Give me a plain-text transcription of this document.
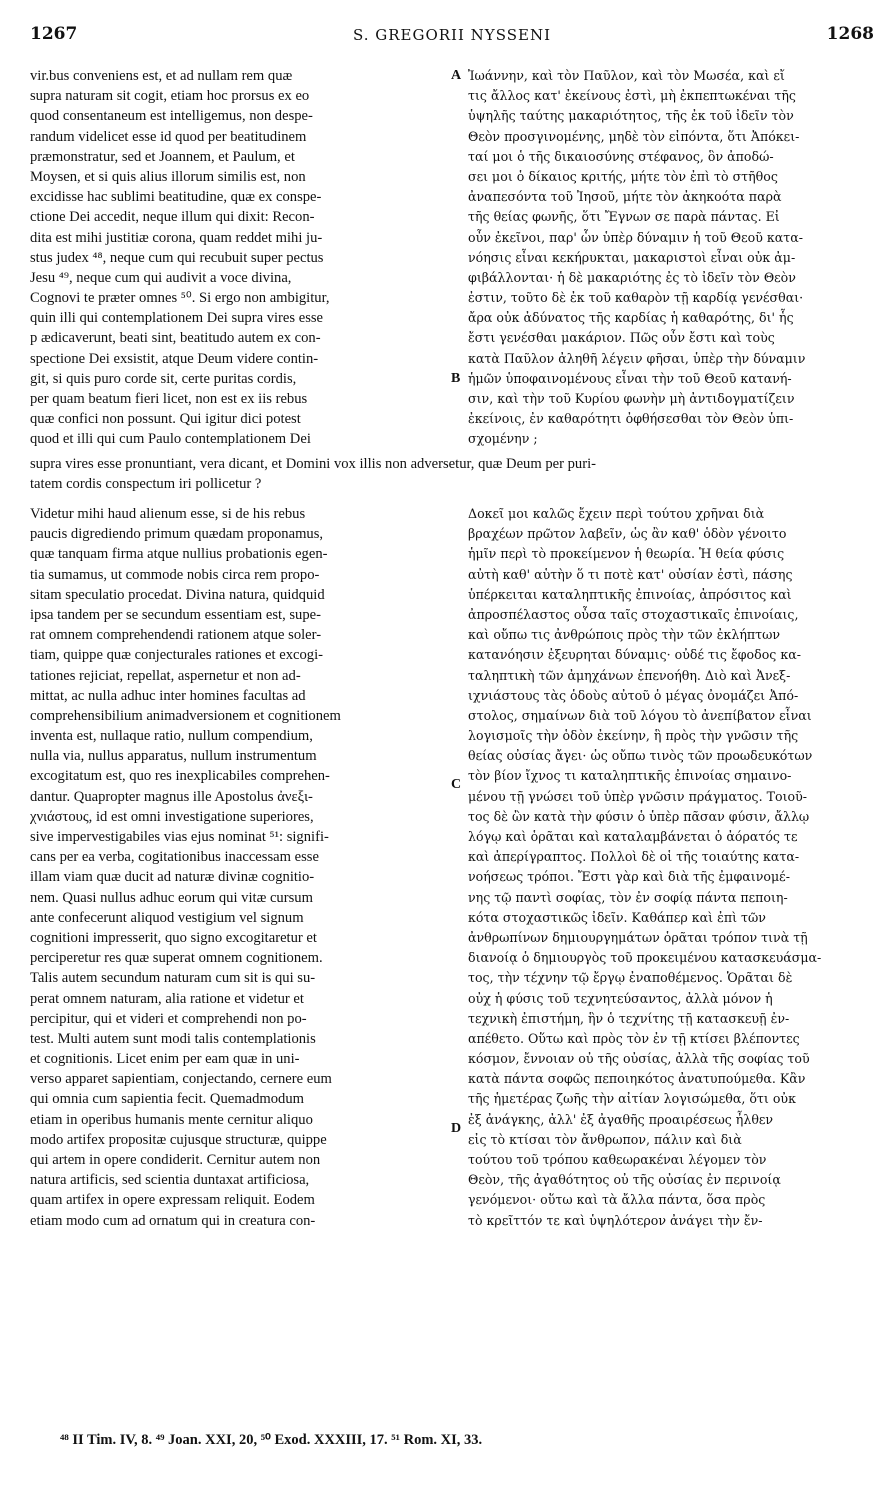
1267	S. GREGORII NYSSENI	1268
vir.bus conveniens est, et ad nullam rem quæ
supra naturam sit cogit, etiam hoc prorsus ex eo
quod consentaneum est intelligemus, non despe-
randum videlicet esse id quod per beatitudinem
præmonstratur, sed et Joannem, et Paulum, et
Moysen, et si quis alius illorum similis est, non
excidisse hac sublimi beatitudine, quæ ex conspe-
ctione Dei accedit, neque illum qui dixit: Recon-
dita est mihi justitiæ corona, quam reddet mihi ju-
stus judex ⁴⁸, neque cum qui recubuit super pectus
Jesu ⁴⁹, neque cum qui audivit a voce divina,
Cognovi te præter omnes ⁵⁰. Si ergo non ambigitur,
quin illi qui contemplationem Dei supra vires esse
p ædicaverunt, beati sint, beatitudo autem ex con-
spectione Dei exsistit, atque Deum videre contin-
git, si quis puro corde sit, certe puritas cordis,
per quam beatum fieri licet, non est ex iis rebus
quæ confici non possunt. Qui igitur dici potest
quod et illi qui cum Paulo contemplationem Dei
Ἰωάννην, καὶ τὸν Παῦλον, καὶ τὸν Μωσέα, καὶ εἴ
τις ἄλλος κατ' ἐκείνους ἐστὶ, μὴ ἐκπεπτωκέναι τῆς
ὑψηλῆς ταύτης μακαριότητος, τῆς ἐκ τοῦ ἰδεῖν τὸν
Θεὸν προσγινομένης, μηδὲ τὸν εἰπόντα, ὅτι Ἀπόκει-
ταί μοι ὁ τῆς δικαιοσύνης στέφανος, ὃν ἀποδώ-
σει μοι ὁ δίκαιος κριτής, μήτε τὸν ἐπὶ τὸ στῆθος
ἀναπεσόντα τοῦ Ἰησοῦ, μήτε τὸν ἀκηκοότα παρὰ
τῆς θείας φωνῆς, ὅτι Ἔγνων σε παρὰ πάντας. Εἰ
οὖν ἐκεῖνοι, παρ' ὧν ὑπὲρ δύναμιν ἡ τοῦ Θεοῦ κατα-
νόησις εἶναι κεκήρυκται, μακαριστοὶ εἶναι οὐκ ἀμ-
φιβάλλονται· ἡ δὲ μακαριότης ἐς τὸ ἰδεῖν τὸν Θεὸν
ἐστιν, τοῦτο δὲ ἐκ τοῦ καθαρὸν τῇ καρδίᾳ γενέσθαι·
ἄρα οὐκ ἀδύνατος τῆς καρδίας ἡ καθαρότης, δι' ἧς
ἔστι γενέσθαι μακάριον. Πῶς οὖν ἔστι καὶ τοὺς
κατὰ Παῦλον ἀληθῆ λέγειν φῆσαι, ὑπὲρ τὴν δύναμιν
ἡμῶν ὑποφαινομένους εἶναι τὴν τοῦ Θεοῦ κατανή-
σιν, καὶ τὴν τοῦ Κυρίου φωνὴν μὴ ἀντιδογματίζειν
ἐκείνοις, ἐν καθαρότητι ὀφθήσεσθαι τὸν Θεὸν ὑπι-
σχομένην ;
supra vires esse pronuntiant, vera dicant, et Domini vox illis non adversetur, quæ Deum per puri-
tatem cordis conspectum iri pollicetur ?
Videtur mihi haud alienum esse, si de his rebus
paucis digrediendo primum quædam proponamus,
quæ tanquam firma atque nullius probationis egen-
tia sumamus, ut commode nobis circa rem propo-
sitam speculatio procedat. Divina natura, quidquid
ipsa tandem per se secundum essentiam est, supe-
rat omnem comprehendendi rationem atque soler-
tiam, quippe quæ conjecturales rationes et excogi-
tationes rejiciat, repellat, aspernetur et non ad-
mittat, ac nulla adhuc inter homines facultas ad
comprehensibilium animadversionem et cognitionem
inventa est, nullaque ratio, nullum compendium,
nulla via, nullus apparatus, nullum instrumentum
excogitatum est, quo res inexplicabiles comprehen-
dantur. Quapropter magnus ille Apostolus ἀνεξι-
χνιάστους, id est omni investigatione superiores,
sive impervestigabiles vias ejus nominat ⁵¹: signifi-
cans per ea verba, cogitationibus inaccessam esse
illam viam quæ ducit ad naturæ divinæ cognitio-
nem. Quasi nullus adhuc eorum qui vitæ cursum
ante confecerunt aliquod vestigium vel signum
cognitioni impresserit, quo signo excogitaretur et
perciperetur res quæ superat omnem cognitionem.
Talis autem secundum naturam cum sit is qui su-
perat omnem naturam, alia ratione et videtur et
percipitur, qui et videri et comprehendi non po-
test. Multi autem sunt modi talis contemplationis
et cognitionis. Licet enim per eam quæ in uni-
verso apparet sapientiam, conjectando, cernere eum
qui omnia cum sapientia fecit. Quemadmodum
etiam in operibus humanis mente cernitur aliquo
modo artifex propositæ cujusque structuræ, quippe
qui artem in opere condiderit. Cernitur autem non
natura artificis, sed scientia duntaxat artificiosa,
quam artifex in opere expressam reliquit. Eodem
etiam modo cum ad ornatum qui in creatura con-
Δοκεῖ μοι καλῶς ἔχειν περὶ τούτου χρῆναι διὰ
βραχέων πρῶτον λαβεῖν, ὡς ἂν καθ' ὁδὸν γένοιτο
ἡμῖν περὶ τὸ προκείμενον ἡ θεωρία. Ἡ θεία φύσις
αὐτὴ καθ' αὑτὴν ὅ τι ποτὲ κατ' οὐσίαν ἐστὶ, πάσης
ὑπέρκειται καταληπτικῆς ἐπινοίας, ἀπρόσιτος καὶ
ἀπροσπέλαστος οὖσα ταῖς στοχαστικαῖς ἐπινοίαις,
καὶ οὔπω τις ἀνθρώποις πρὸς τὴν τῶν ἐκλήπτων
κατανόησιν ἐξευρηται δύναμις· οὐδέ τις ἔφοδος κα-
ταληπτικὴ τῶν ἀμηχάνων ἐπενοήθη. Διὸ καὶ Ἀνεξ-
ιχνιάστους τὰς ὁδοὺς αὐτοῦ ὁ μέγας ὀνομάζει Ἀπό-
στολος, σημαίνων διὰ τοῦ λόγου τὸ ἀνεπίβατον εἶναι
λογισμοῖς τὴν ὁδὸν ἐκείνην, ἣ πρὸς τὴν γνῶσιν τῆς
θείας οὐσίας ἄγει· ὡς οὔπω τινὸς τῶν προωδευκότων
τὸν βίον ἴχνος τι καταληπτικῆς ἐπινοίας σημαινο-
μένου τῇ γνώσει τοῦ ὑπὲρ γνῶσιν πράγματος. Τοιοῦ-
τος δὲ ὢν κατὰ τὴν φύσιν ὁ ὑπὲρ πᾶσαν φύσιν, ἄλλῳ
λόγῳ καὶ ὁρᾶται καὶ καταλαμβάνεται ὁ ἀόρατός τε
καὶ ἀπερίγραπτος. Πολλοὶ δὲ οἱ τῆς τοιαύτης κατα-
νοήσεως τρόποι. Ἔστι γὰρ καὶ διὰ τῆς ἐμφαινομέ-
νης τῷ παντὶ σοφίας, τὸν ἐν σοφίᾳ πάντα πεποιη-
κότα στοχαστικῶς ἰδεῖν. Καθάπερ καὶ ἐπὶ τῶν
ἀνθρωπίνων δημιουργημάτων ὁρᾶται τρόπον τινὰ τῇ
διανοίᾳ ὁ δημιουργὸς τοῦ προκειμένου κατασκευάσμα-
τος, τὴν τέχνην τῷ ἔργῳ ἐναποθέμενος. Ὁρᾶται δὲ
οὐχ ἡ φύσις τοῦ τεχνητεύσαντος, ἀλλὰ μόνον ἡ
τεχνικὴ ἐπιστήμη, ἣν ὁ τεχνίτης τῇ κατασκευῇ ἐν-
απέθετο. Οὕτω καὶ πρὸς τὸν ἐν τῇ κτίσει βλέποντες
κόσμον, ἔννοιαν οὐ τῆς οὐσίας, ἀλλὰ τῆς σοφίας τοῦ
κατὰ πάντα σοφῶς πεποιηκότος ἀνατυπούμεθα. Κἂν
τῆς ἡμετέρας ζωῆς τὴν αἰτίαν λογισώμεθα, ὅτι οὐκ
ἐξ ἀνάγκης, ἀλλ' ἐξ ἀγαθῆς προαιρέσεως ἦλθεν
εἰς τὸ κτίσαι τὸν ἄνθρωπον, πάλιν καὶ διὰ
τούτου τοῦ τρόπου καθεωρακέναι λέγομεν τὸν
Θεὸν, τῆς ἀγαθότητος οὐ τῆς οὐσίας ἐν περινοίᾳ
γενόμενοι· οὕτω καὶ τὰ ἄλλα πάντα, ὅσα πρὸς
τὸ κρεῖττόν τε καὶ ὑψηλότερον ἀνάγει τὴν ἔν-
A
B
C
D
⁴⁸ II Tim. IV, 8. ⁴⁹ Joan. XXI, 20, ⁵⁰ Exod. XXXIII, 17. ⁵¹ Rom. XI, 33.
